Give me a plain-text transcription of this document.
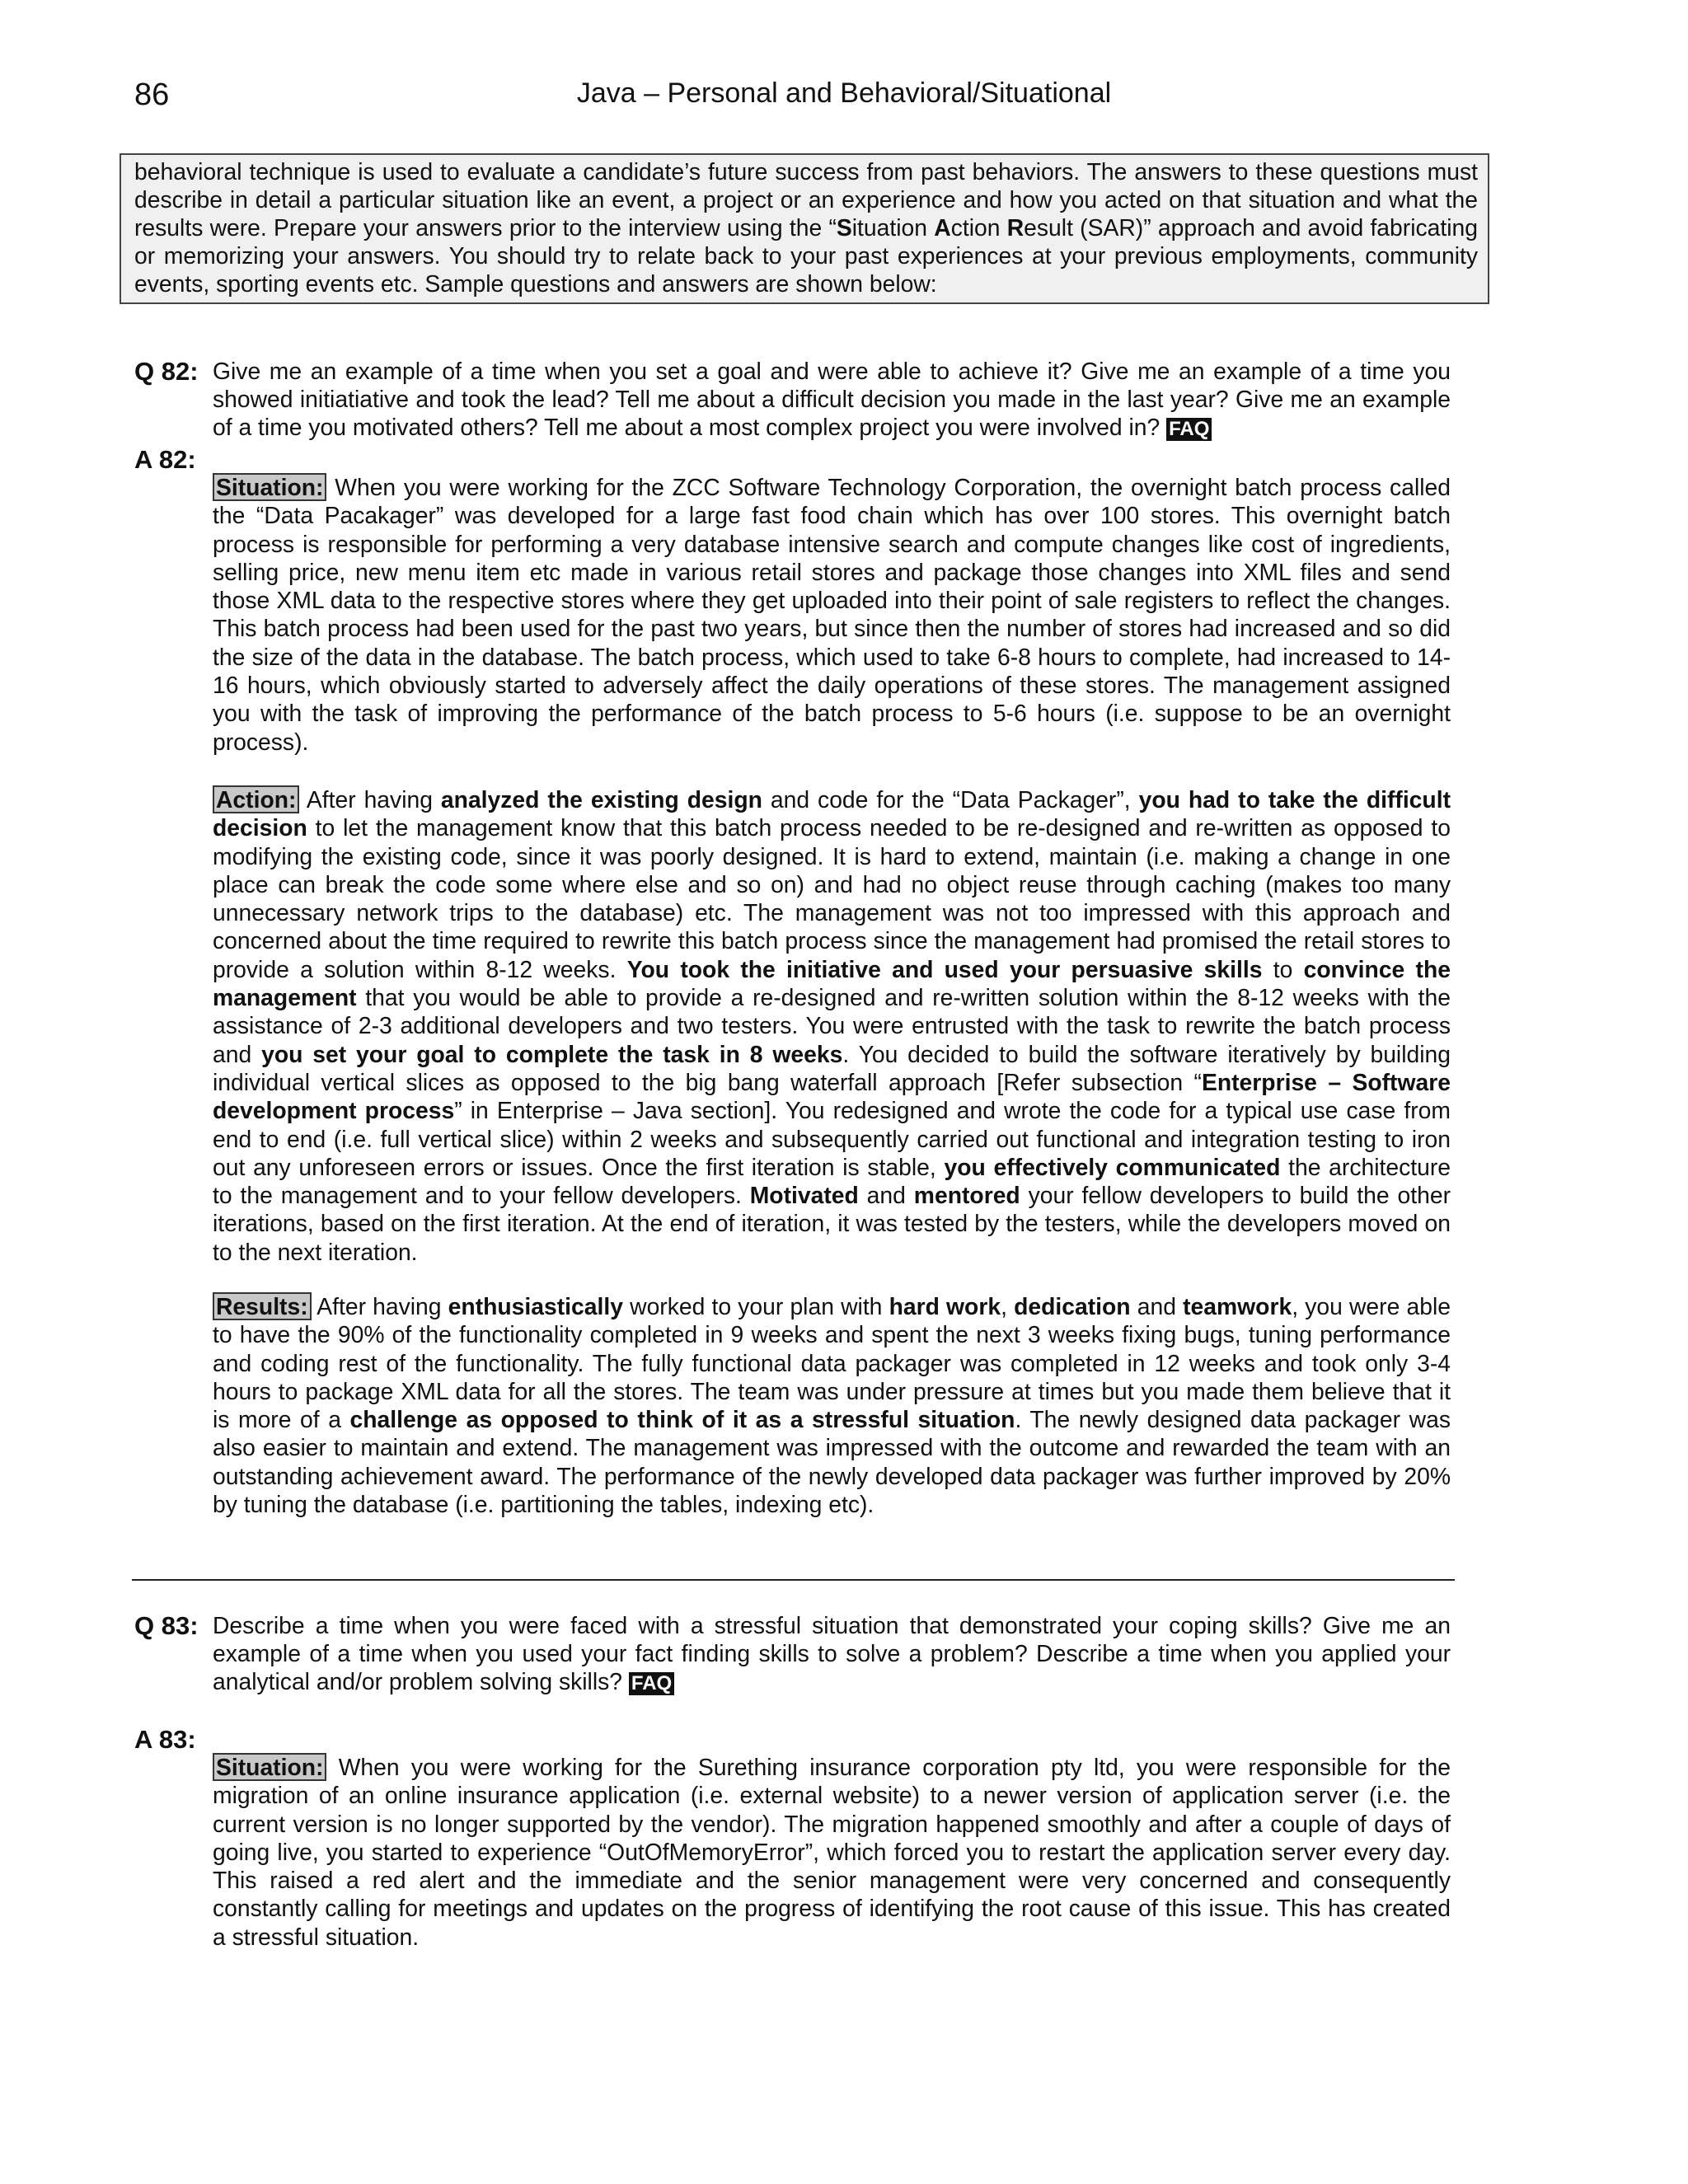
86	Java – Personal and Behavioral/Situational
behavioral technique is used to evaluate a candidate’s future success from past behaviors. The answers to these questions must describe in detail a particular situation like an event, a project or an experience and how you acted on that situation and what the results were. Prepare your answers prior to the interview using the “Situation Action Result (SAR)” approach and avoid fabricating or memorizing your answers. You should try to relate back to your past experiences at your previous employments, community events, sporting events etc. Sample questions and answers are shown below:
Q 82: Give me an example of a time when you set a goal and were able to achieve it? Give me an example of a time you showed initiatiative and took the lead? Tell me about a difficult decision you made in the last year? Give me an example of a time you motivated others? Tell me about a most complex project you were involved in? FAQ
A 82:
Situation: When you were working for the ZCC Software Technology Corporation, the overnight batch process called the “Data Pacakager” was developed for a large fast food chain which has over 100 stores. This overnight batch process is responsible for performing a very database intensive search and compute changes like cost of ingredients, selling price, new menu item etc made in various retail stores and package those changes into XML files and send those XML data to the respective stores where they get uploaded into their point of sale registers to reflect the changes. This batch process had been used for the past two years, but since then the number of stores had increased and so did the size of the data in the database. The batch process, which used to take 6-8 hours to complete, had increased to 14-16 hours, which obviously started to adversely affect the daily operations of these stores. The management assigned you with the task of improving the performance of the batch process to 5-6 hours (i.e. suppose to be an overnight process).
Action: After having analyzed the existing design and code for the “Data Packager”, you had to take the difficult decision to let the management know that this batch process needed to be re-designed and re-written as opposed to modifying the existing code, since it was poorly designed. It is hard to extend, maintain (i.e. making a change in one place can break the code some where else and so on) and had no object reuse through caching (makes too many unnecessary network trips to the database) etc. The management was not too impressed with this approach and concerned about the time required to rewrite this batch process since the management had promised the retail stores to provide a solution within 8-12 weeks. You took the initiative and used your persuasive skills to convince the management that you would be able to provide a re-designed and re-written solution within the 8-12 weeks with the assistance of 2-3 additional developers and two testers. You were entrusted with the task to rewrite the batch process and you set your goal to complete the task in 8 weeks. You decided to build the software iteratively by building individual vertical slices as opposed to the big bang waterfall approach [Refer subsection “Enterprise – Software development process” in Enterprise – Java section]. You redesigned and wrote the code for a typical use case from end to end (i.e. full vertical slice) within 2 weeks and subsequently carried out functional and integration testing to iron out any unforeseen errors or issues. Once the first iteration is stable, you effectively communicated the architecture to the management and to your fellow developers. Motivated and mentored your fellow developers to build the other iterations, based on the first iteration. At the end of iteration, it was tested by the testers, while the developers moved on to the next iteration.
Results: After having enthusiastically worked to your plan with hard work, dedication and teamwork, you were able to have the 90% of the functionality completed in 9 weeks and spent the next 3 weeks fixing bugs, tuning performance and coding rest of the functionality. The fully functional data packager was completed in 12 weeks and took only 3-4 hours to package XML data for all the stores. The team was under pressure at times but you made them believe that it is more of a challenge as opposed to think of it as a stressful situation. The newly designed data packager was also easier to maintain and extend. The management was impressed with the outcome and rewarded the team with an outstanding achievement award. The performance of the newly developed data packager was further improved by 20% by tuning the database (i.e. partitioning the tables, indexing etc).
Q 83: Describe a time when you were faced with a stressful situation that demonstrated your coping skills? Give me an example of a time when you used your fact finding skills to solve a problem? Describe a time when you applied your analytical and/or problem solving skills? FAQ
A 83:
Situation: When you were working for the Surething insurance corporation pty ltd, you were responsible for the migration of an online insurance application (i.e. external website) to a newer version of application server (i.e. the current version is no longer supported by the vendor). The migration happened smoothly and after a couple of days of going live, you started to experience “OutOfMemoryError”, which forced you to restart the application server every day. This raised a red alert and the immediate and the senior management were very concerned and consequently constantly calling for meetings and updates on the progress of identifying the root cause of this issue. This has created a stressful situation.
